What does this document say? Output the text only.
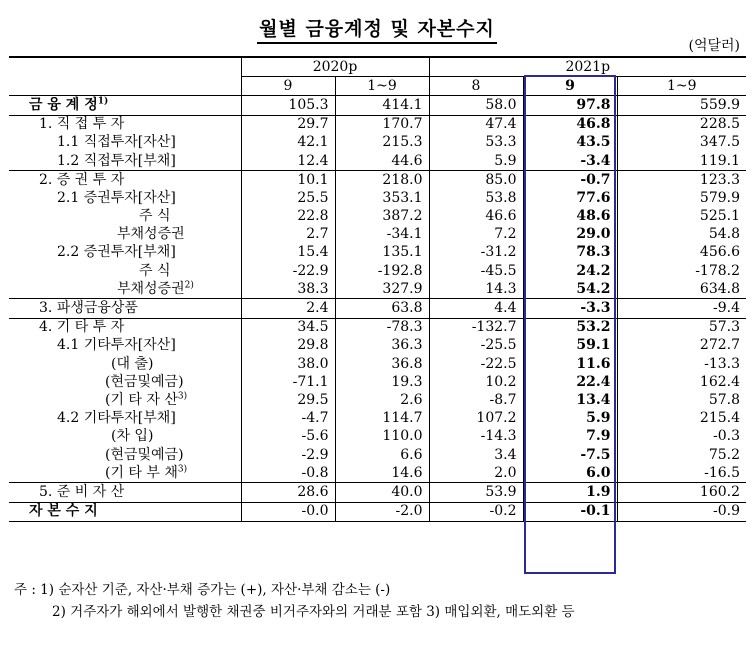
월별 금융계정 및 자본수지
(억달러)
	2020p		2021p		
	9	1~9	8	9	1~9
금 융 계 정$^{1)}$	105.3	414.1	58.0	97.8	559.9
1. 직 접 투 자	29.7	170.7	47.4	46.8	228.5
1.1 직접투자[자산]	42.1	215.3	53.3	43.5	347.5
1.2 직접투자[부채]	12.4	44.6	5.9	-3.4	119.1
2. 증 권 투 자	10.1	218.0	85.0	-0.7	123.3
2.1 증권투자[자산]	25.5	353.1	53.8	77.6	579.9
주 식	22.8	387.2	46.6	48.6	525.1
부채성증권	2.7	-34.1	7.2	29.0	54.8
2.2 증권투자[부채]	15.4	135.1	-31.2	78.3	456.6
주 식	-22.9	-192.8	-45.5	24.2	-178.2
부채성증권$^{2)}$	38.3	327.9	14.3	54.2	634.8
3. 파생금융상품	2.4	63.8	4.4	-3.3	-9.4
4. 기 타 투 자	34.5	-78.3	-132.7	53.2	57.3
4.1 기타투자[자산]	29.8	36.3	-25.5	59.1	272.7
(대 출)	38.0	36.8	-22.5	11.6	-13.3
(현금및예금)	-71.1	19.3	10.2	22.4	162.4
(기 타 자 산$^{3)}$	29.5	2.6	-8.7	13.4	57.8
4.2 기타투자[부채]	-4.7	114.7	107.2	5.9	215.4
(차 입)	-5.6	110.0	-14.3	7.9	-0.3
(현금및예금)	-2.9	6.6	3.4	-7.5	75.2
(기 타 부 채$^{3)}$	-0.8	14.6	2.0	6.0	-16.5
5. 준 비 자 산	28.6	40.0	53.9	1.9	160.2
자 본 수 지	-0.0	-2.0	-0.2	-0.1	-0.9
주 : 1) 순자산 기준, 자산·부채 증가는 (+), 자산·부채 감소는 (-)
2) 거주자가 해외에서 발행한 채권중 비거주자와의 거래분 포함 3) 매입외환, 매도외환 등
